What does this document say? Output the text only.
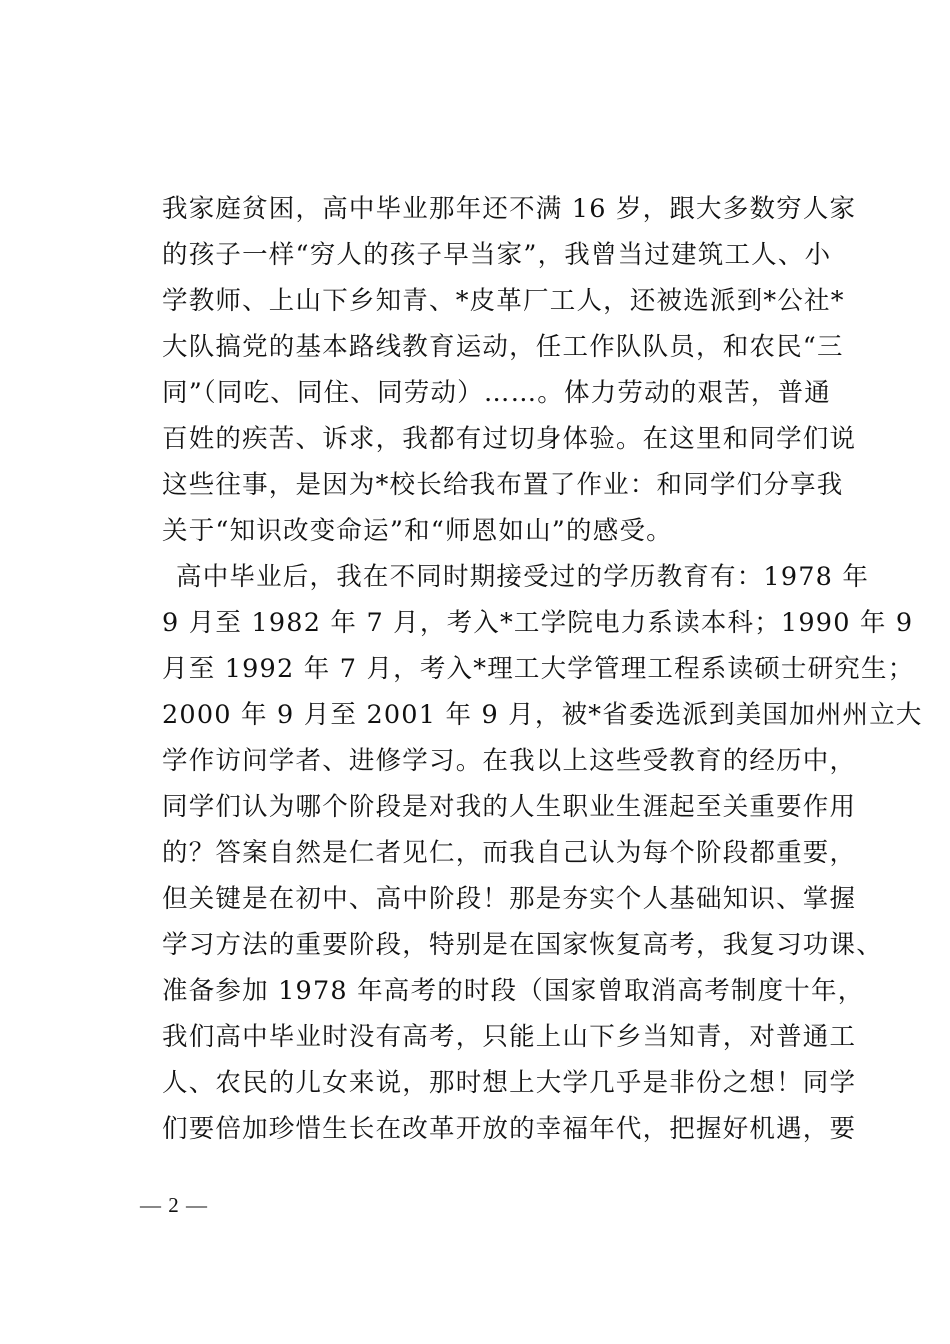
我家庭贫困，高中毕业那年还不满 16 岁，跟大多数穷人家
的孩子一样“穷人的孩子早当家”，我曾当过建筑工人、小
学教师、上山下乡知青、*皮革厂工人，还被选派到*公社*
大队搞党的基本路线教育运动，任工作队队员，和农民“三
同”（同吃、同住、同劳动）……。体力劳动的艰苦，普通
百姓的疾苦、诉求，我都有过切身体验。在这里和同学们说
这些往事，是因为*校长给我布置了作业：和同学们分享我
关于“知识改变命运”和“师恩如山”的感受。
高中毕业后，我在不同时期接受过的学历教育有：1978 年
9 月至 1982 年 7 月，考入*工学院电力系读本科；1990 年 9
月至 1992 年 7 月，考入*理工大学管理工程系读硕士研究生；
2000 年 9 月至 2001 年 9 月，被*省委选派到美国加州州立大
学作访问学者、进修学习。在我以上这些受教育的经历中，
同学们认为哪个阶段是对我的人生职业生涯起至关重要作用
的？答案自然是仁者见仁，而我自己认为每个阶段都重要，
但关键是在初中、高中阶段！那是夯实个人基础知识、掌握
学习方法的重要阶段，特别是在国家恢复高考，我复习功课、
准备参加 1978 年高考的时段（国家曾取消高考制度十年，
我们高中毕业时没有高考，只能上山下乡当知青，对普通工
人、农民的儿女来说，那时想上大学几乎是非份之想！同学
们要倍加珍惜生长在改革开放的幸福年代，把握好机遇，要
— 2 —
